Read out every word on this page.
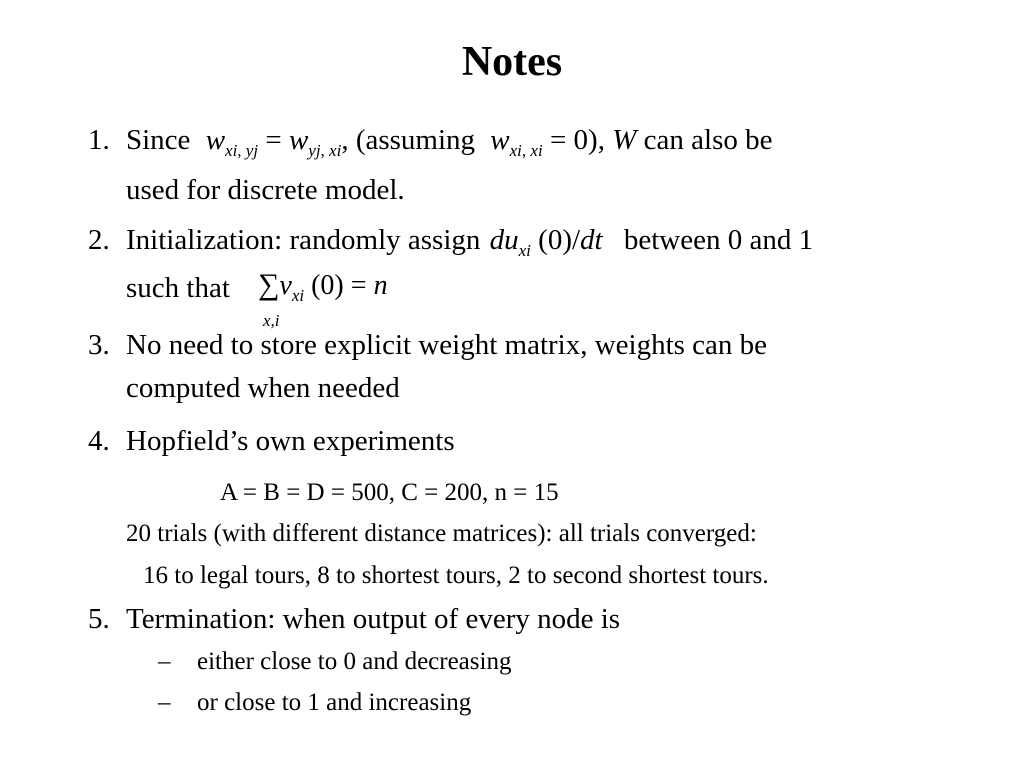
Notes
1. Since $w_{xi, yj} = w_{yj, xi}$, (assuming $w_{xi, xi} = 0$), W can also be
used for discrete model.
2. Initialization: randomly assign $du_{xi}$ (0)/dt between 0 and 1
such that $\sum v_{xi}$ (0) = n
x,i
3. No need to store explicit weight matrix, weights can be
computed when needed
4. Hopfield’s own experiments
A = B = D = 500, C = 200, n = 15
20 trials (with different distance matrices): all trials converged:
16 to legal tours, 8 to shortest tours, 2 to second shortest tours.
5. Termination: when output of every node is
– either close to 0 and decreasing
– or close to 1 and increasing
